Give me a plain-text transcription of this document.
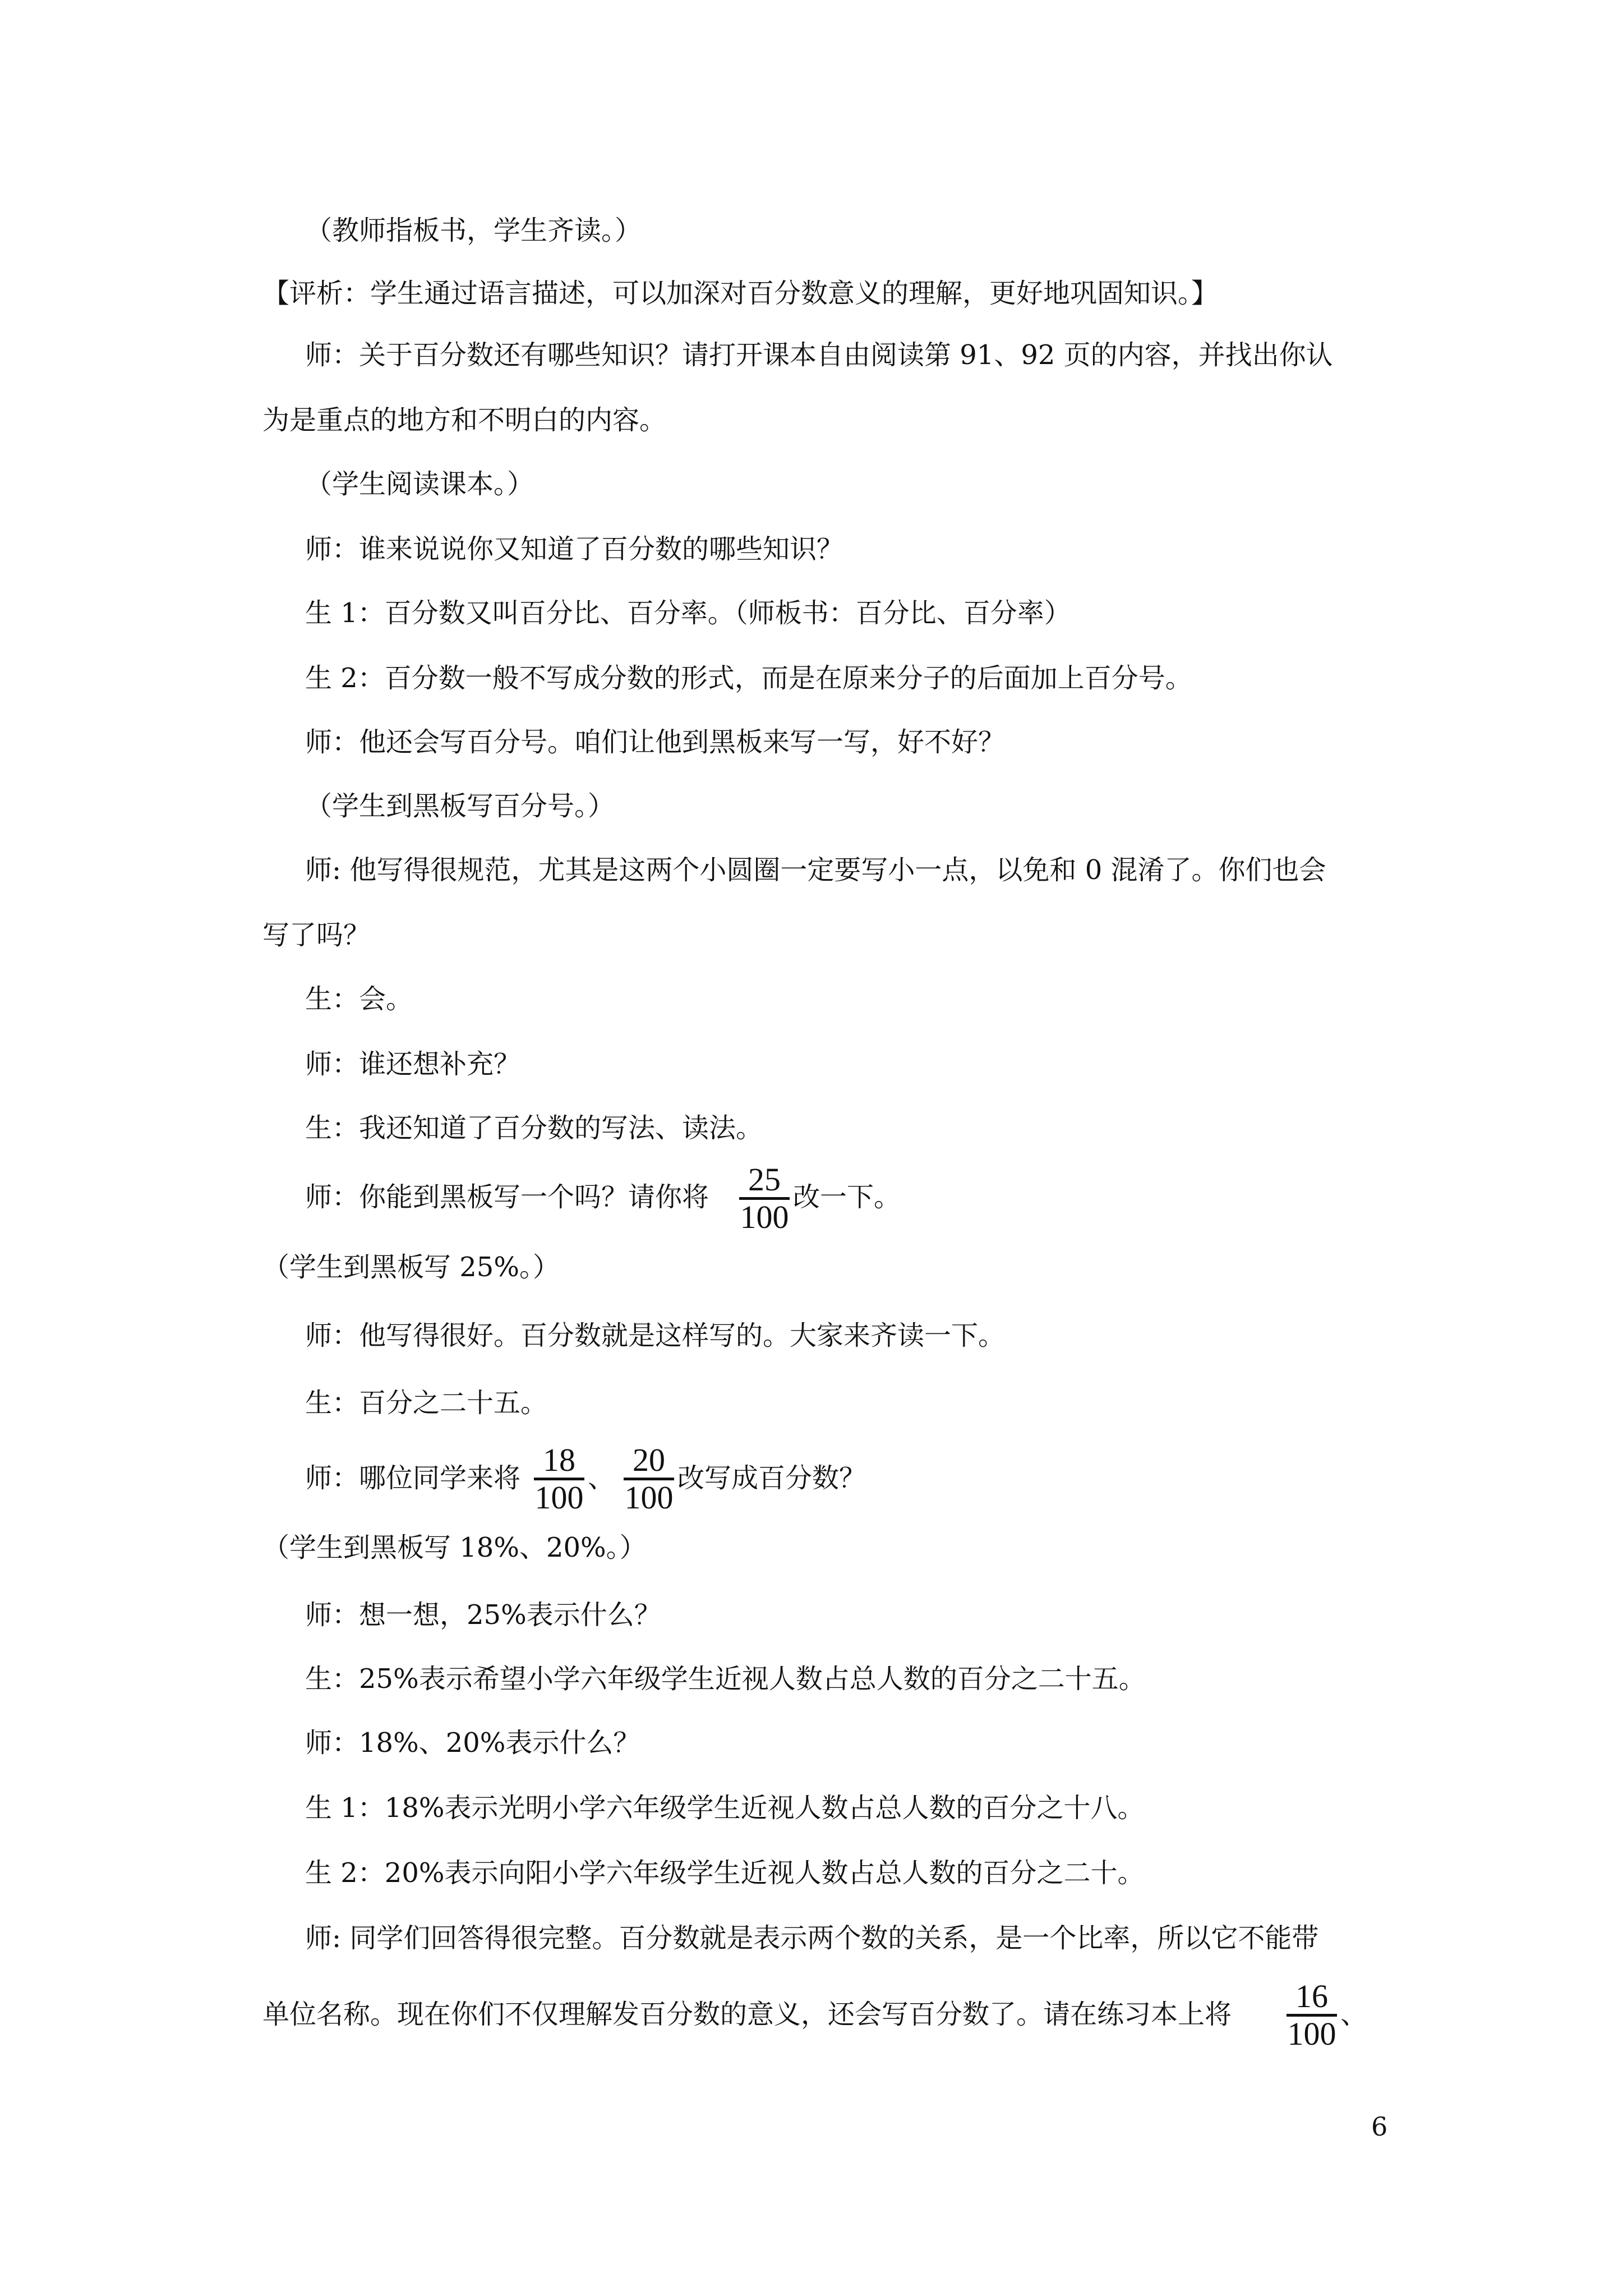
（教师指板书，学生齐读。）
【评析：学生通过语言描述，可以加深对百分数意义的理解，更好地巩固知识。】
师：关于百分数还有哪些知识？请打开课本自由阅读第 91、92 页的内容，并找出你认
为是重点的地方和不明白的内容。
（学生阅读课本。）
师：谁来说说你又知道了百分数的哪些知识？
生 1：百分数又叫百分比、百分率。（师板书：百分比、百分率）
生 2：百分数一般不写成分数的形式，而是在原来分子的后面加上百分号。
师：他还会写百分号。咱们让他到黑板来写一写，好不好？
（学生到黑板写百分号。）
师: 他写得很规范，尤其是这两个小圆圈一定要写小一点，以免和 0 混淆了。你们也会
写了吗？
生：会。
师：谁还想补充？
生：我还知道了百分数的写法、读法。
师：你能到黑板写一个吗？请你将 $\frac{25}{100}$ 改一下。
（学生到黑板写 25%。）
师：他写得很好。百分数就是这样写的。大家来齐读一下。
生：百分之二十五。
师：哪位同学来将 $\frac{18}{100}$ 、 $\frac{20}{100}$ 改写成百分数？
（学生到黑板写 18%、20%。）
师：想一想，25%表示什么？
生：25%表示希望小学六年级学生近视人数占总人数的百分之二十五。
师：18%、20%表示什么？
生 1：18%表示光明小学六年级学生近视人数占总人数的百分之十八。
生 2：20%表示向阳小学六年级学生近视人数占总人数的百分之二十。
师: 同学们回答得很完整。百分数就是表示两个数的关系，是一个比率，所以它不能带
单位名称。现在你们不仅理解发百分数的意义，还会写百分数了。请在练习本上将 $\frac{16}{100}$ 、
6
